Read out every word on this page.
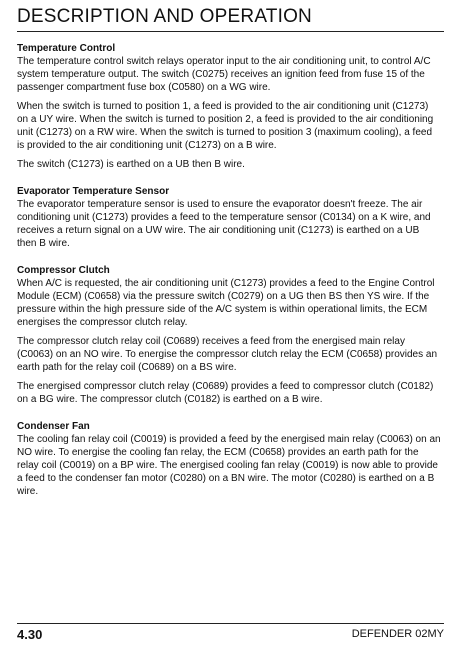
DESCRIPTION AND OPERATION

Temperature Control

The temperature control switch relays operator input to the air conditioning unit, to control A/C system temperature output. The switch (C0275) receives an ignition feed from fuse 15 of the passenger compartment fuse box (C0580) on a WG wire.

When the switch is turned to position 1, a feed is provided to the air conditioning unit (C1273) on a UY wire. When the switch is turned to position 2, a feed is provided to the air conditioning unit (C1273) on a RW wire. When the switch is turned to position 3 (maximum cooling), a feed is provided to the air conditioning unit (C1273) on a B wire.

The switch (C1273) is earthed on a UB then B wire.

Evaporator Temperature Sensor

The evaporator temperature sensor is used to ensure the evaporator doesn't freeze. The air conditioning unit (C1273) provides a feed to the temperature sensor (C0134) on a K wire, and receives a return signal on a UW wire. The air conditioning unit (C1273) is earthed on a UB then B wire.

Compressor Clutch

When A/C is requested, the air conditioning unit (C1273) provides a feed to the Engine Control Module (ECM) (C0658) via the pressure switch (C0279) on a UG then BS then YS wire. If the pressure within the high pressure side of the A/C system is within operational limits, the ECM energises the compressor clutch relay.

The compressor clutch relay coil (C0689) receives a feed from the energised main relay (C0063) on an NO wire. To energise the compressor clutch relay the ECM (C0658) provides an earth path for the relay coil (C0689) on a BS wire.

The energised compressor clutch relay (C0689) provides a feed to compressor clutch (C0182) on a BG wire. The compressor clutch (C0182) is earthed on a B wire.

Condenser Fan

The cooling fan relay coil (C0019) is provided a feed by the energised main relay (C0063) on an NO wire. To energise the cooling fan relay, the ECM (C0658) provides an earth path for the relay coil (C0019) on a BP wire. The energised cooling fan relay (C0019) is now able to provide a feed to the condenser fan motor (C0280) on a BN wire. The motor (C0280) is earthed on a B wire.

4.30	DEFENDER 02MY
